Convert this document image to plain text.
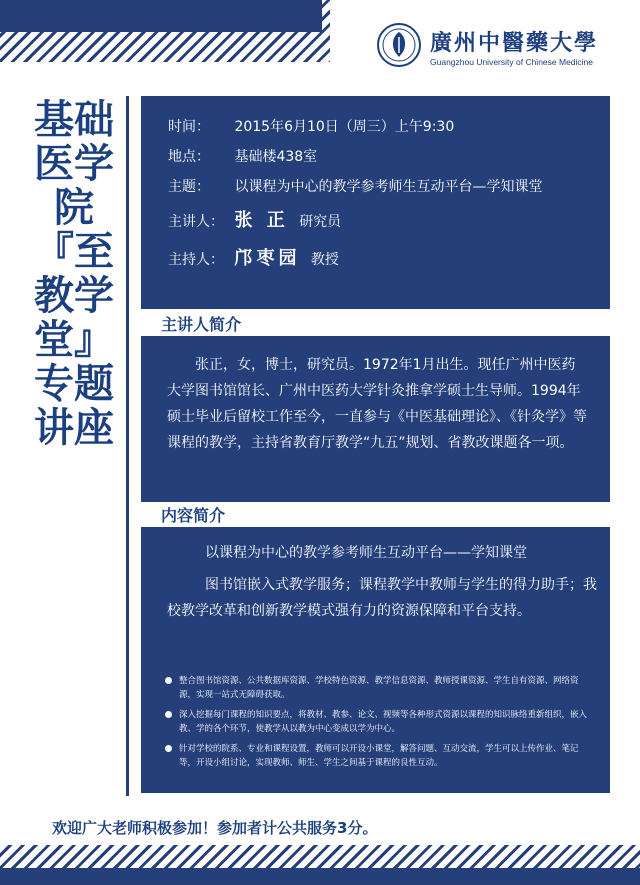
廣州中醫藥大學
Guangzhou University of Chinese Medicine
基础医学院『至教学堂』专题讲座
时间： 2015年6月10日（周三）上午9:30
地点： 基础楼438室
主题： 以课程为中心的教学参考师生互动平台—学知课堂
主讲人： 张 正 研究员
主持人： 邝枣园 教授
主讲人简介
张正，女，博士，研究员。1972年1月出生。现任广州中医药大学图书馆馆长、广州中医药大学针灸推拿学硕士生导师。1994年硕士毕业后留校工作至今，一直参与《中医基础理论》、《针灸学》等课程的教学，主持省教育厅教学“九五”规划、省教改课题各一项。
内容简介
以课程为中心的教学参考师生互动平台——学知课堂
图书馆嵌入式教学服务；课程教学中教师与学生的得力助手；我校教学改革和创新教学模式强有力的资源保障和平台支持。
整合图书馆资源、公共数据库资源、学校特色资源、教学信息资源、教师授课资源、学生自有资源、网络资源，实现一站式无障碍获取。
深入挖掘每门课程的知识要点，将教材、教参、论文、视频等各种形式资源以课程的知识脉络重新组织，嵌入教、学的各个环节，使教学从以教为中心变成以学为中心。
针对学校的院系、专业和课程设置，教师可以开设小课堂，解答问题、互动交流，学生可以上传作业、笔记等，开设小组讨论，实现教师、师生、学生之间基于课程的良性互动。
欢迎广大老师积极参加！参加者计公共服务3分。
